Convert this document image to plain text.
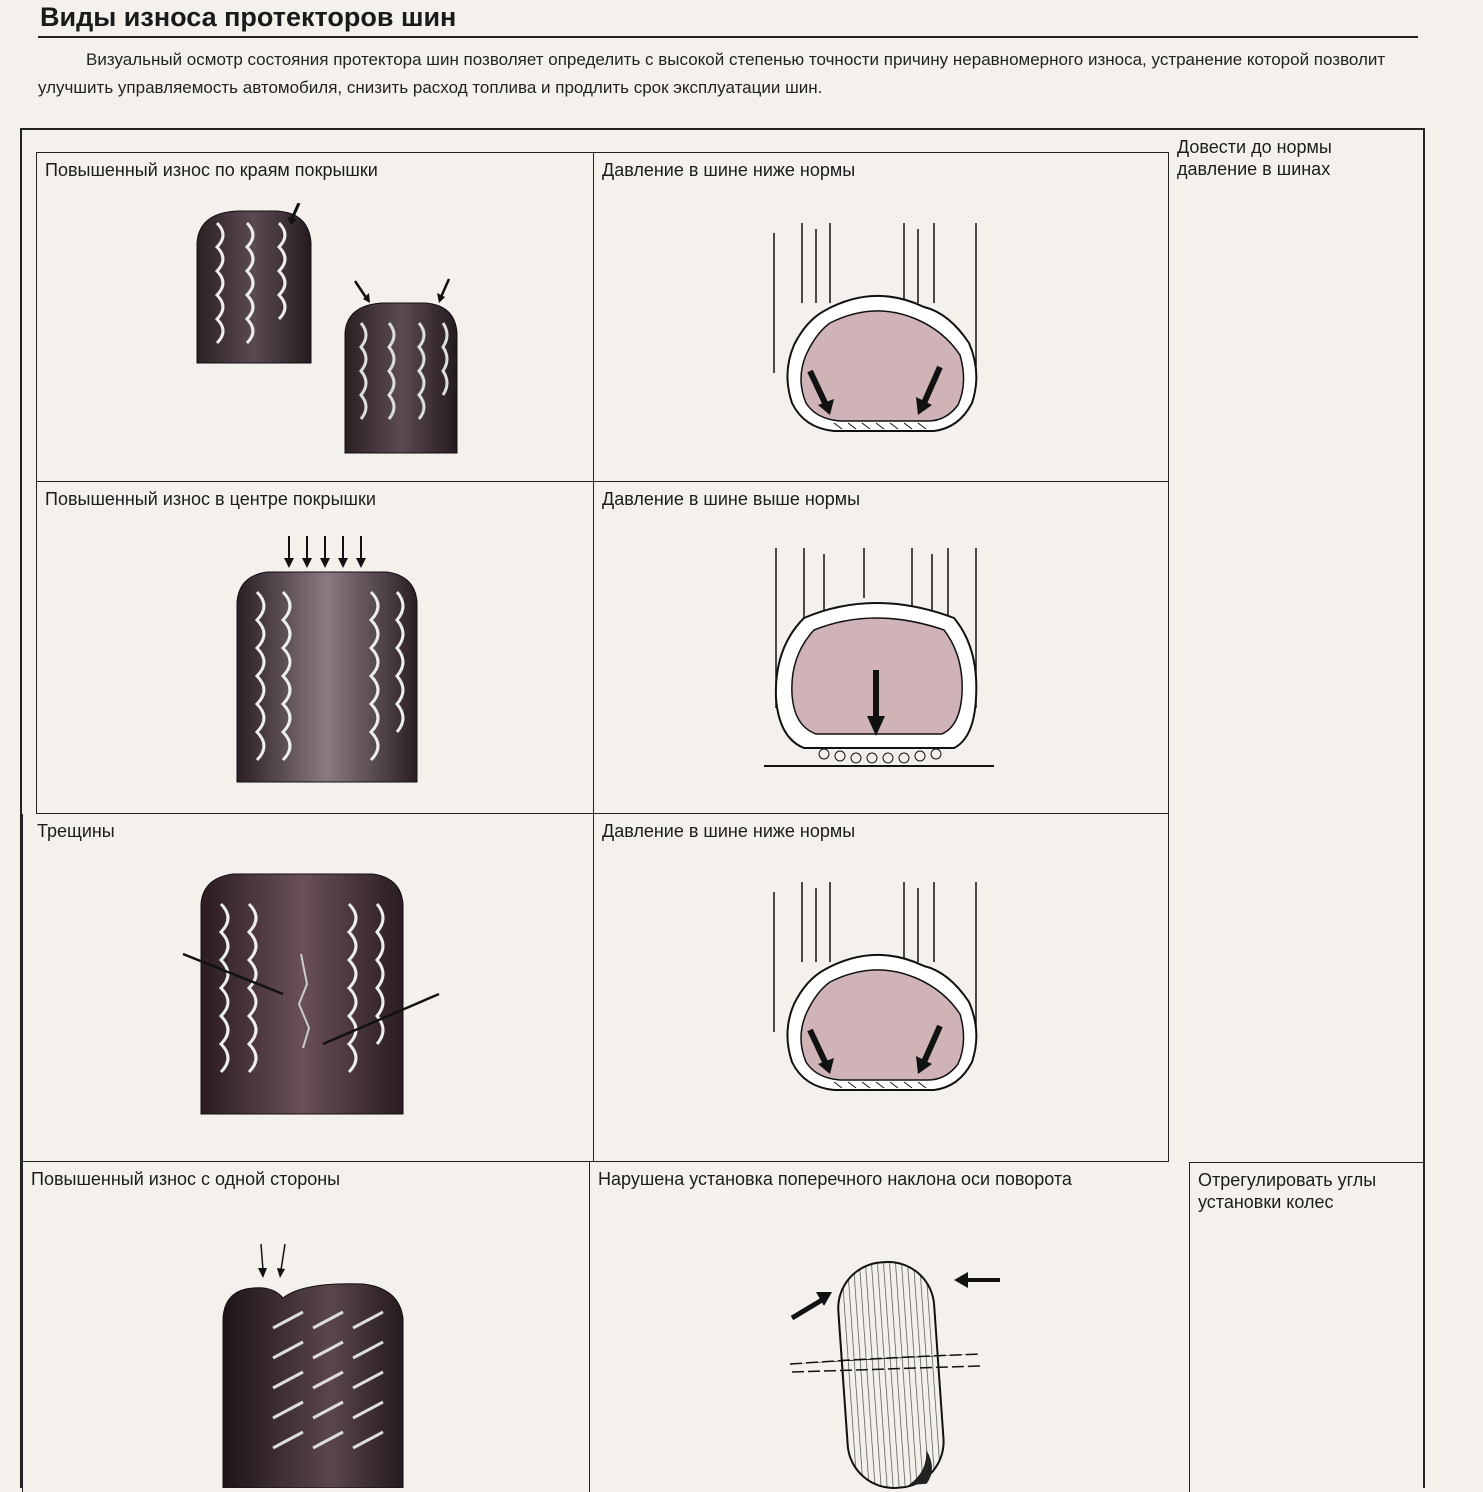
Виды износа протекторов шин

Визуальный осмотр состояния протектора шин позволяет определить с высокой степенью точности причину неравномерного износа, устранение которой позволит улучшить управляемость автомобиля, снизить расход топлива и продлить срок эксплуатации шин.

Повышенный износ по краям покрышки	Давление в шине ниже нормы
Довести до нормы давление в шинах
Повышенный износ в центре покрышки	Давление в шине выше нормы
Трещины	Давление в шине ниже нормы
Повышенный износ с одной стороны	Нарушена установка поперечного наклона оси поворота	Отрегулировать углы установки колес
